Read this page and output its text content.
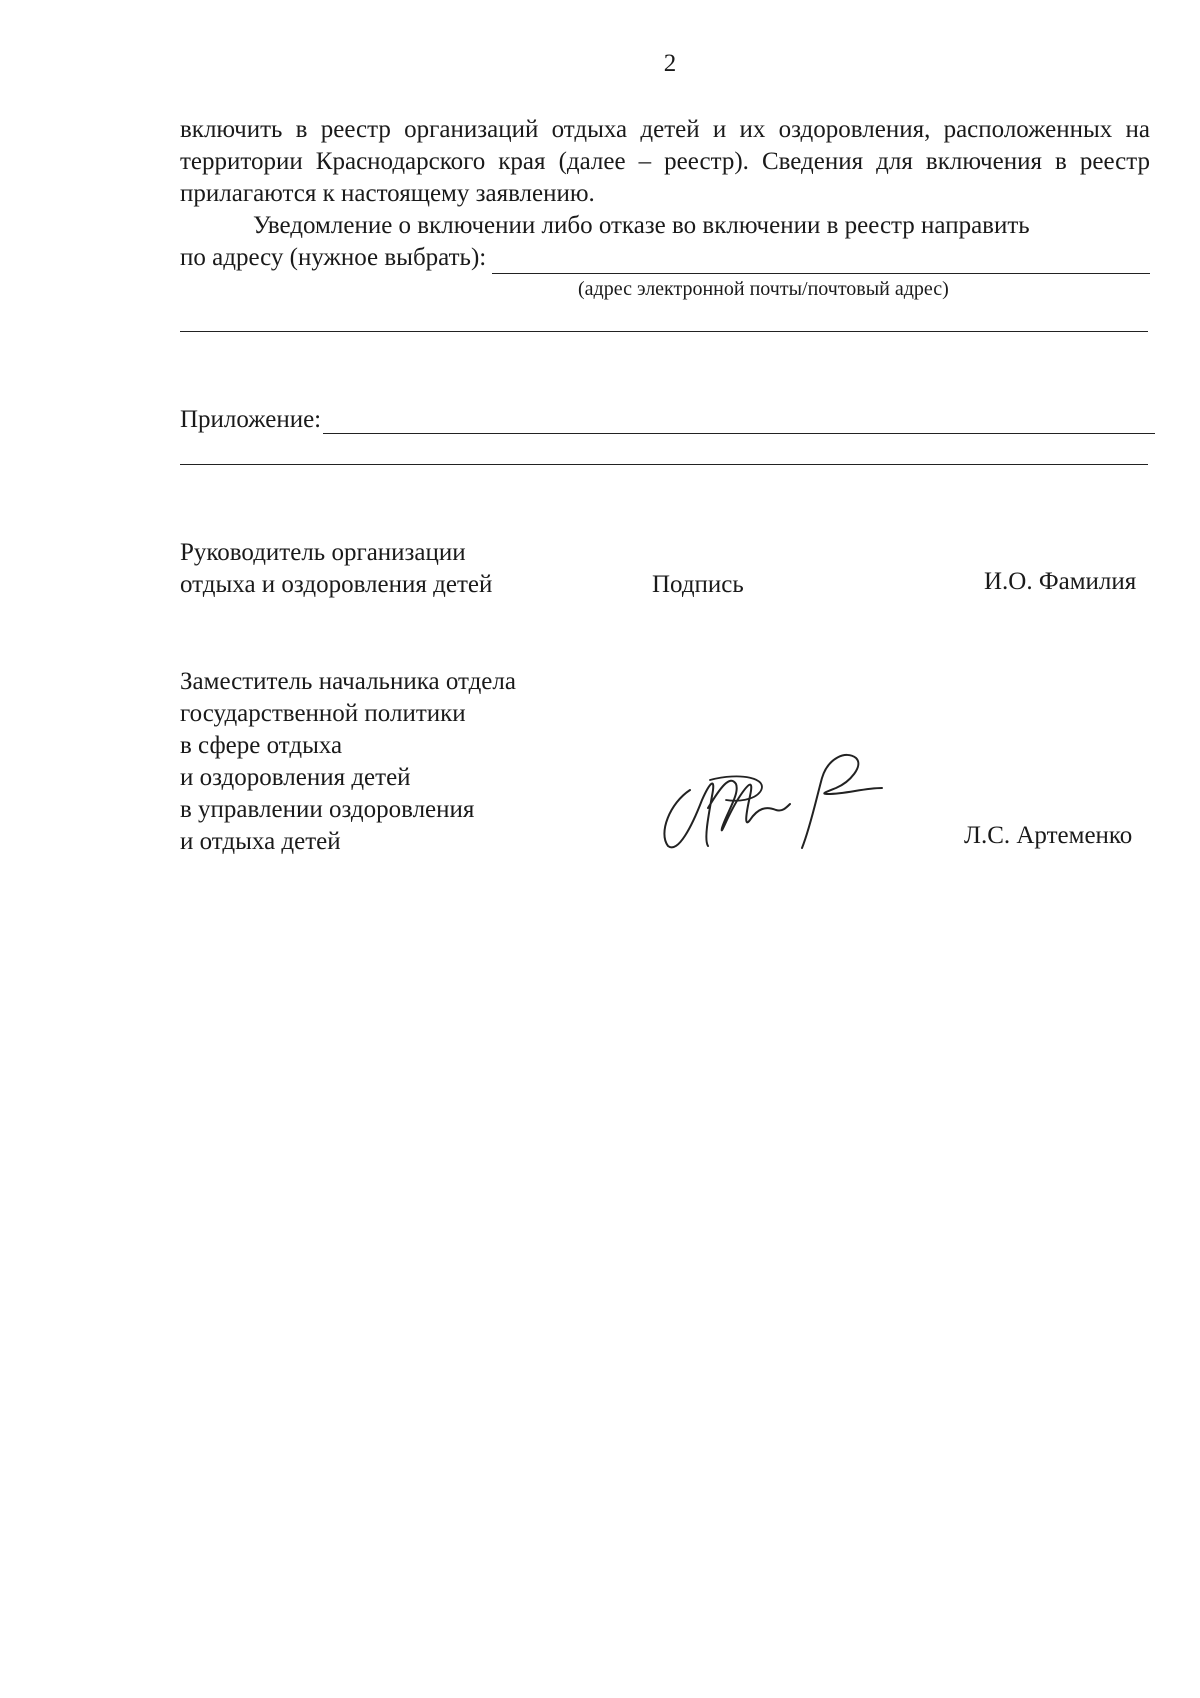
2
включить в реестр организаций отдыха детей и их оздоровления, расположенных на территории Краснодарского края (далее – реестр). Сведения для включения в реестр прилагаются к настоящему заявлению.
Уведомление о включении либо отказе во включении в реестр направить
по адресу (нужное выбрать):
(адрес электронной почты/почтовый адрес)
Приложение:
Руководитель организации
отдыха и оздоровления детей	Подпись	И.О. Фамилия
Заместитель начальника отдела
государственной политики
в сфере отдыха
и оздоровления детей
в управлении оздоровления
и отдыха детей	Л.С. Артеменко
